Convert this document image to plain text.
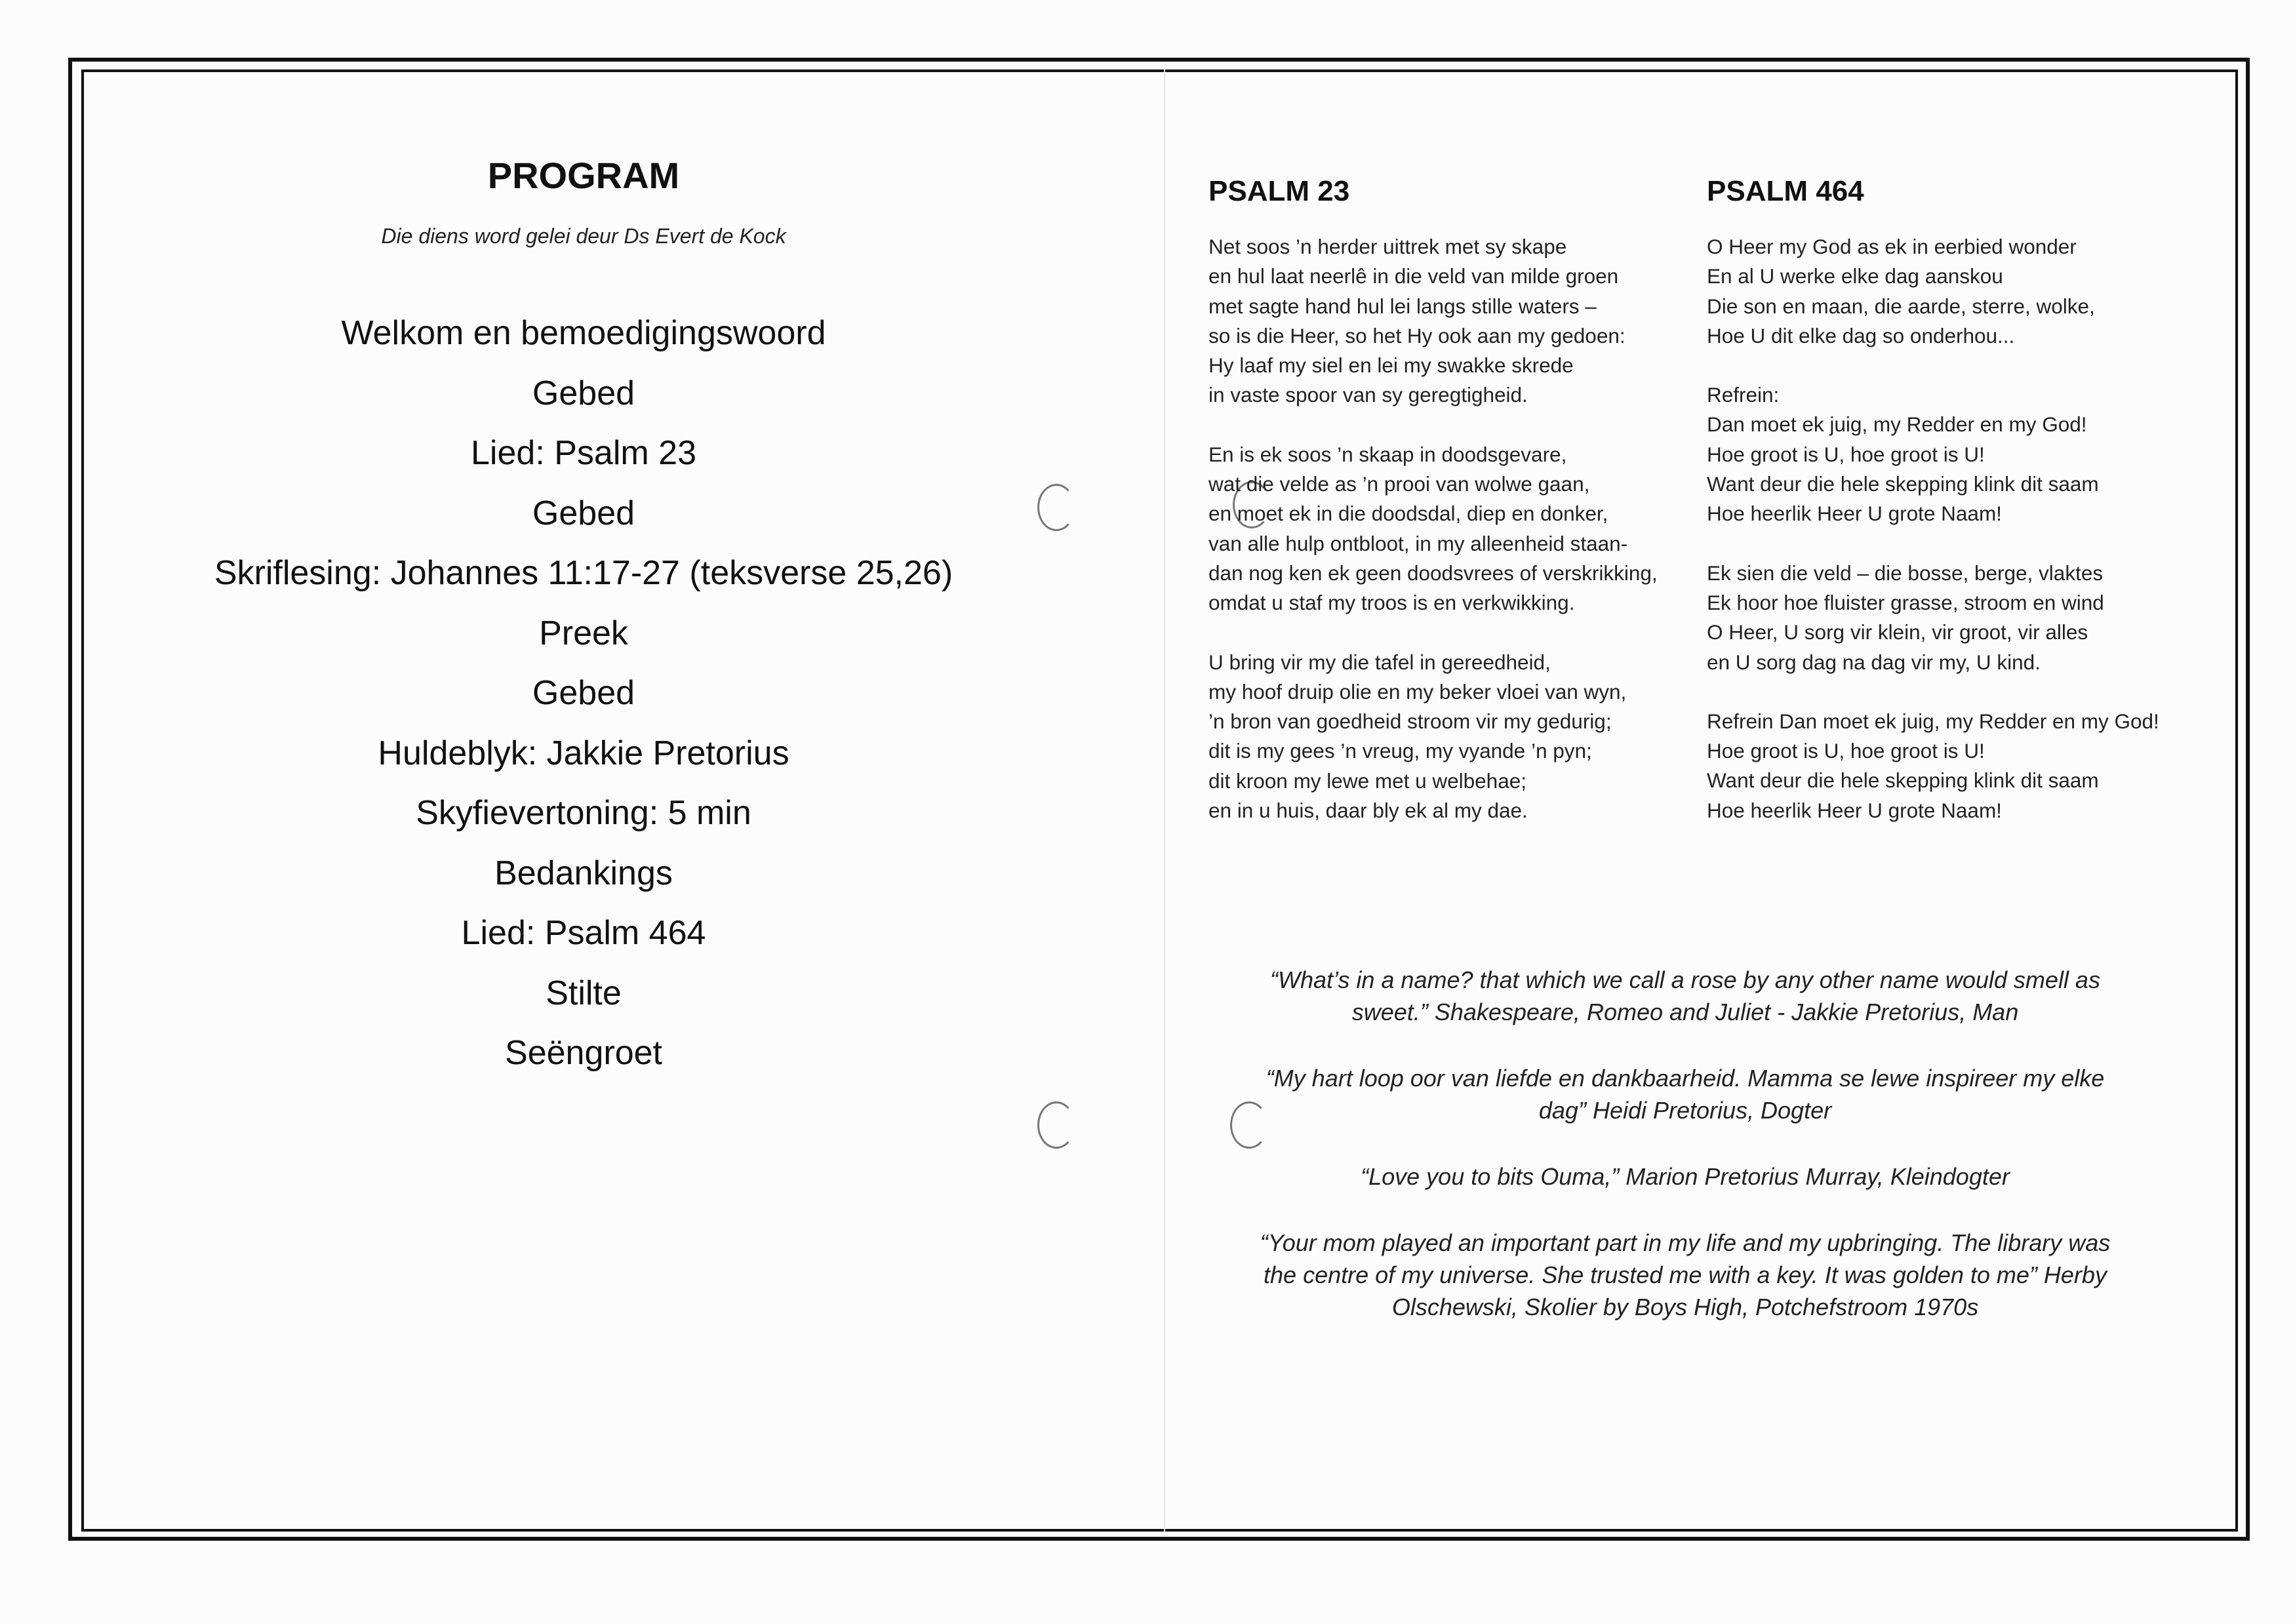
PROGRAM
Die diens word gelei deur Ds Evert de Kock
Welkom en bemoedigingswoord
Gebed
Lied: Psalm 23
Gebed
Skriflesing: Johannes 11:17-27 (teksverse 25,26)
Preek
Gebed
Huldeblyk: Jakkie Pretorius
Skyfievertoning: 5 min
Bedankings
Lied: Psalm 464
Stilte
Seëngroet
PSALM 23
Net soos ’n herder uittrek met sy skape
en hul laat neerlê in die veld van milde groen
met sagte hand hul lei langs stille waters –
so is die Heer, so het Hy ook aan my gedoen:
Hy laaf my siel en lei my swakke skrede
in vaste spoor van sy geregtigheid.
En is ek soos ’n skaap in doodsgevare,
wat die velde as ’n prooi van wolwe gaan,
en moet ek in die doodsdal, diep en donker,
van alle hulp ontbloot, in my alleenheid staan-
dan nog ken ek geen doodsvrees of verskrikking,
omdat u staf my troos is en verkwikking.
U bring vir my die tafel in gereedheid,
my hoof druip olie en my beker vloei van wyn,
’n bron van goedheid stroom vir my gedurig;
dit is my gees ’n vreug, my vyande ’n pyn;
dit kroon my lewe met u welbehae;
en in u huis, daar bly ek al my dae.
PSALM 464
O Heer my God as ek in eerbied wonder
En al U werke elke dag aanskou
Die son en maan, die aarde, sterre, wolke,
Hoe U dit elke dag so onderhou...
Refrein:
Dan moet ek juig, my Redder en my God!
Hoe groot is U, hoe groot is U!
Want deur die hele skepping klink dit saam
Hoe heerlik Heer U grote Naam!
Ek sien die veld – die bosse, berge, vlaktes
Ek hoor hoe fluister grasse, stroom en wind
O Heer, U sorg vir klein, vir groot, vir alles
en U sorg dag na dag vir my, U kind.
Refrein Dan moet ek juig, my Redder en my God!
Hoe groot is U, hoe groot is U!
Want deur die hele skepping klink dit saam
Hoe heerlik Heer U grote Naam!
“What’s in a name? that which we call a rose by any other name would smell as
sweet.” Shakespeare, Romeo and Juliet - Jakkie Pretorius, Man
“My hart loop oor van liefde en dankbaarheid. Mamma se lewe inspireer my elke
dag” Heidi Pretorius, Dogter
“Love you to bits Ouma,” Marion Pretorius Murray, Kleindogter
“Your mom played an important part in my life and my upbringing. The library was
the centre of my universe. She trusted me with a key. It was golden to me” Herby
Olschewski, Skolier by Boys High, Potchefstroom 1970s
